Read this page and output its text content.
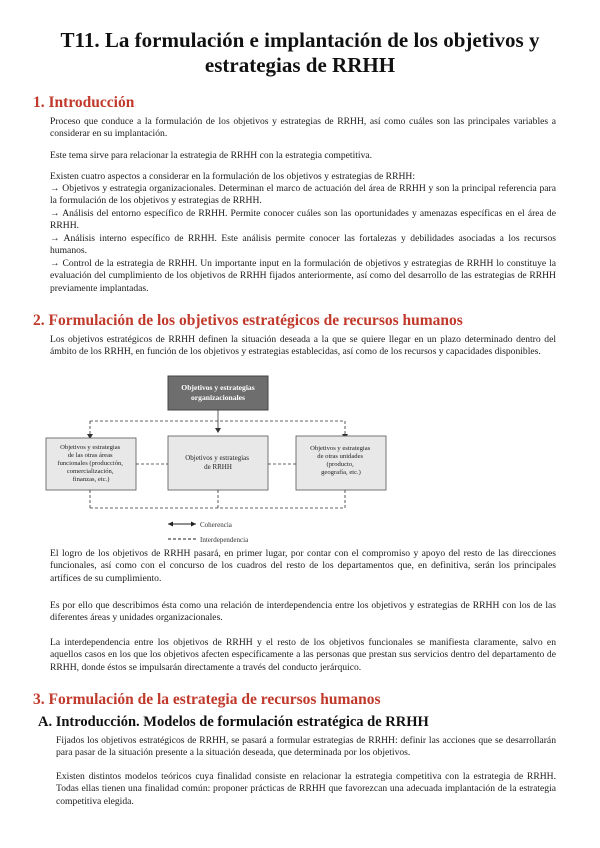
T11. La formulación e implantación de los objetivos y estrategias de RRHH
1. Introducción

Proceso que conduce a la formulación de los objetivos y estrategias de RRHH, así como cuáles son las principales variables a considerar en su implantación.

Este tema sirve para relacionar la estrategia de RRHH con la estrategia competitiva.

Existen cuatro aspectos a considerar en la formulación de los objetivos y estrategias de RRHH:

→ Objetivos y estrategia organizacionales. Determinan el marco de actuación del área de RRHH y son la principal referencia para la formulación de los objetivos y estrategias de RRHH.

→ Análisis del entorno específico de RRHH. Permite conocer cuáles son las oportunidades y amenazas específicas en el área de RRHH.

→ Análisis interno específico de RRHH. Este análisis permite conocer las fortalezas y debilidades asociadas a los recursos humanos.

→ Control de la estrategia de RRHH. Un importante input en la formulación de objetivos y estrategias de RRHH lo constituye la evaluación del cumplimiento de los objetivos de RRHH fijados anteriormente, así como del desarrollo de las estrategias de RRHH previamente implantadas.

2. Formulación de los objetivos estratégicos de recursos humanos

Los objetivos estratégicos de RRHH definen la situación deseada a la que se quiere llegar en un plazo determinado dentro del ámbito de los RRHH, en función de los objetivos y estrategias establecidas, así como de los recursos y capacidades disponibles.

Objetivos y estrategias
organizacionales
Objetivos y estrategias de las otras áreas funcionales (producción, comercialización, finanzas, etc.)
Objetivos y estrategias de RRHH
Objetivos y estrategias de otras unidades (producto, geografía, etc.)
Coherencia
Interdependencia

El logro de los objetivos de RRHH pasará, en primer lugar, por contar con el compromiso y apoyo del resto de las direcciones funcionales, así como con el concurso de los cuadros del resto de los departamentos que, en definitiva, serán los principales artífices de su cumplimiento.

Es por ello que describimos ésta como una relación de interdependencia entre los objetivos y estrategias de RRHH con los de las diferentes áreas y unidades organizacionales.

La interdependencia entre los objetivos de RRHH y el resto de los objetivos funcionales se manifiesta claramente, salvo en aquellos casos en los que los objetivos afecten específicamente a las personas que prestan sus servicios dentro del departamento de RRHH, donde éstos se impulsarán directamente a través del conducto jerárquico.

3. Formulación de la estrategia de recursos humanos
A. Introducción. Modelos de formulación estratégica de RRHH

Fijados los objetivos estratégicos de RRHH, se pasará a formular estrategias de RRHH: definir las acciones que se desarrollarán para pasar de la situación presente a la situación deseada, que determinada por los objetivos.

Existen distintos modelos teóricos cuya finalidad consiste en relacionar la estrategia competitiva con la estrategia de RRHH. Todas ellas tienen una finalidad común: proponer prácticas de RRHH que favorezcan una adecuada implantación de la estrategia competitiva elegida.
